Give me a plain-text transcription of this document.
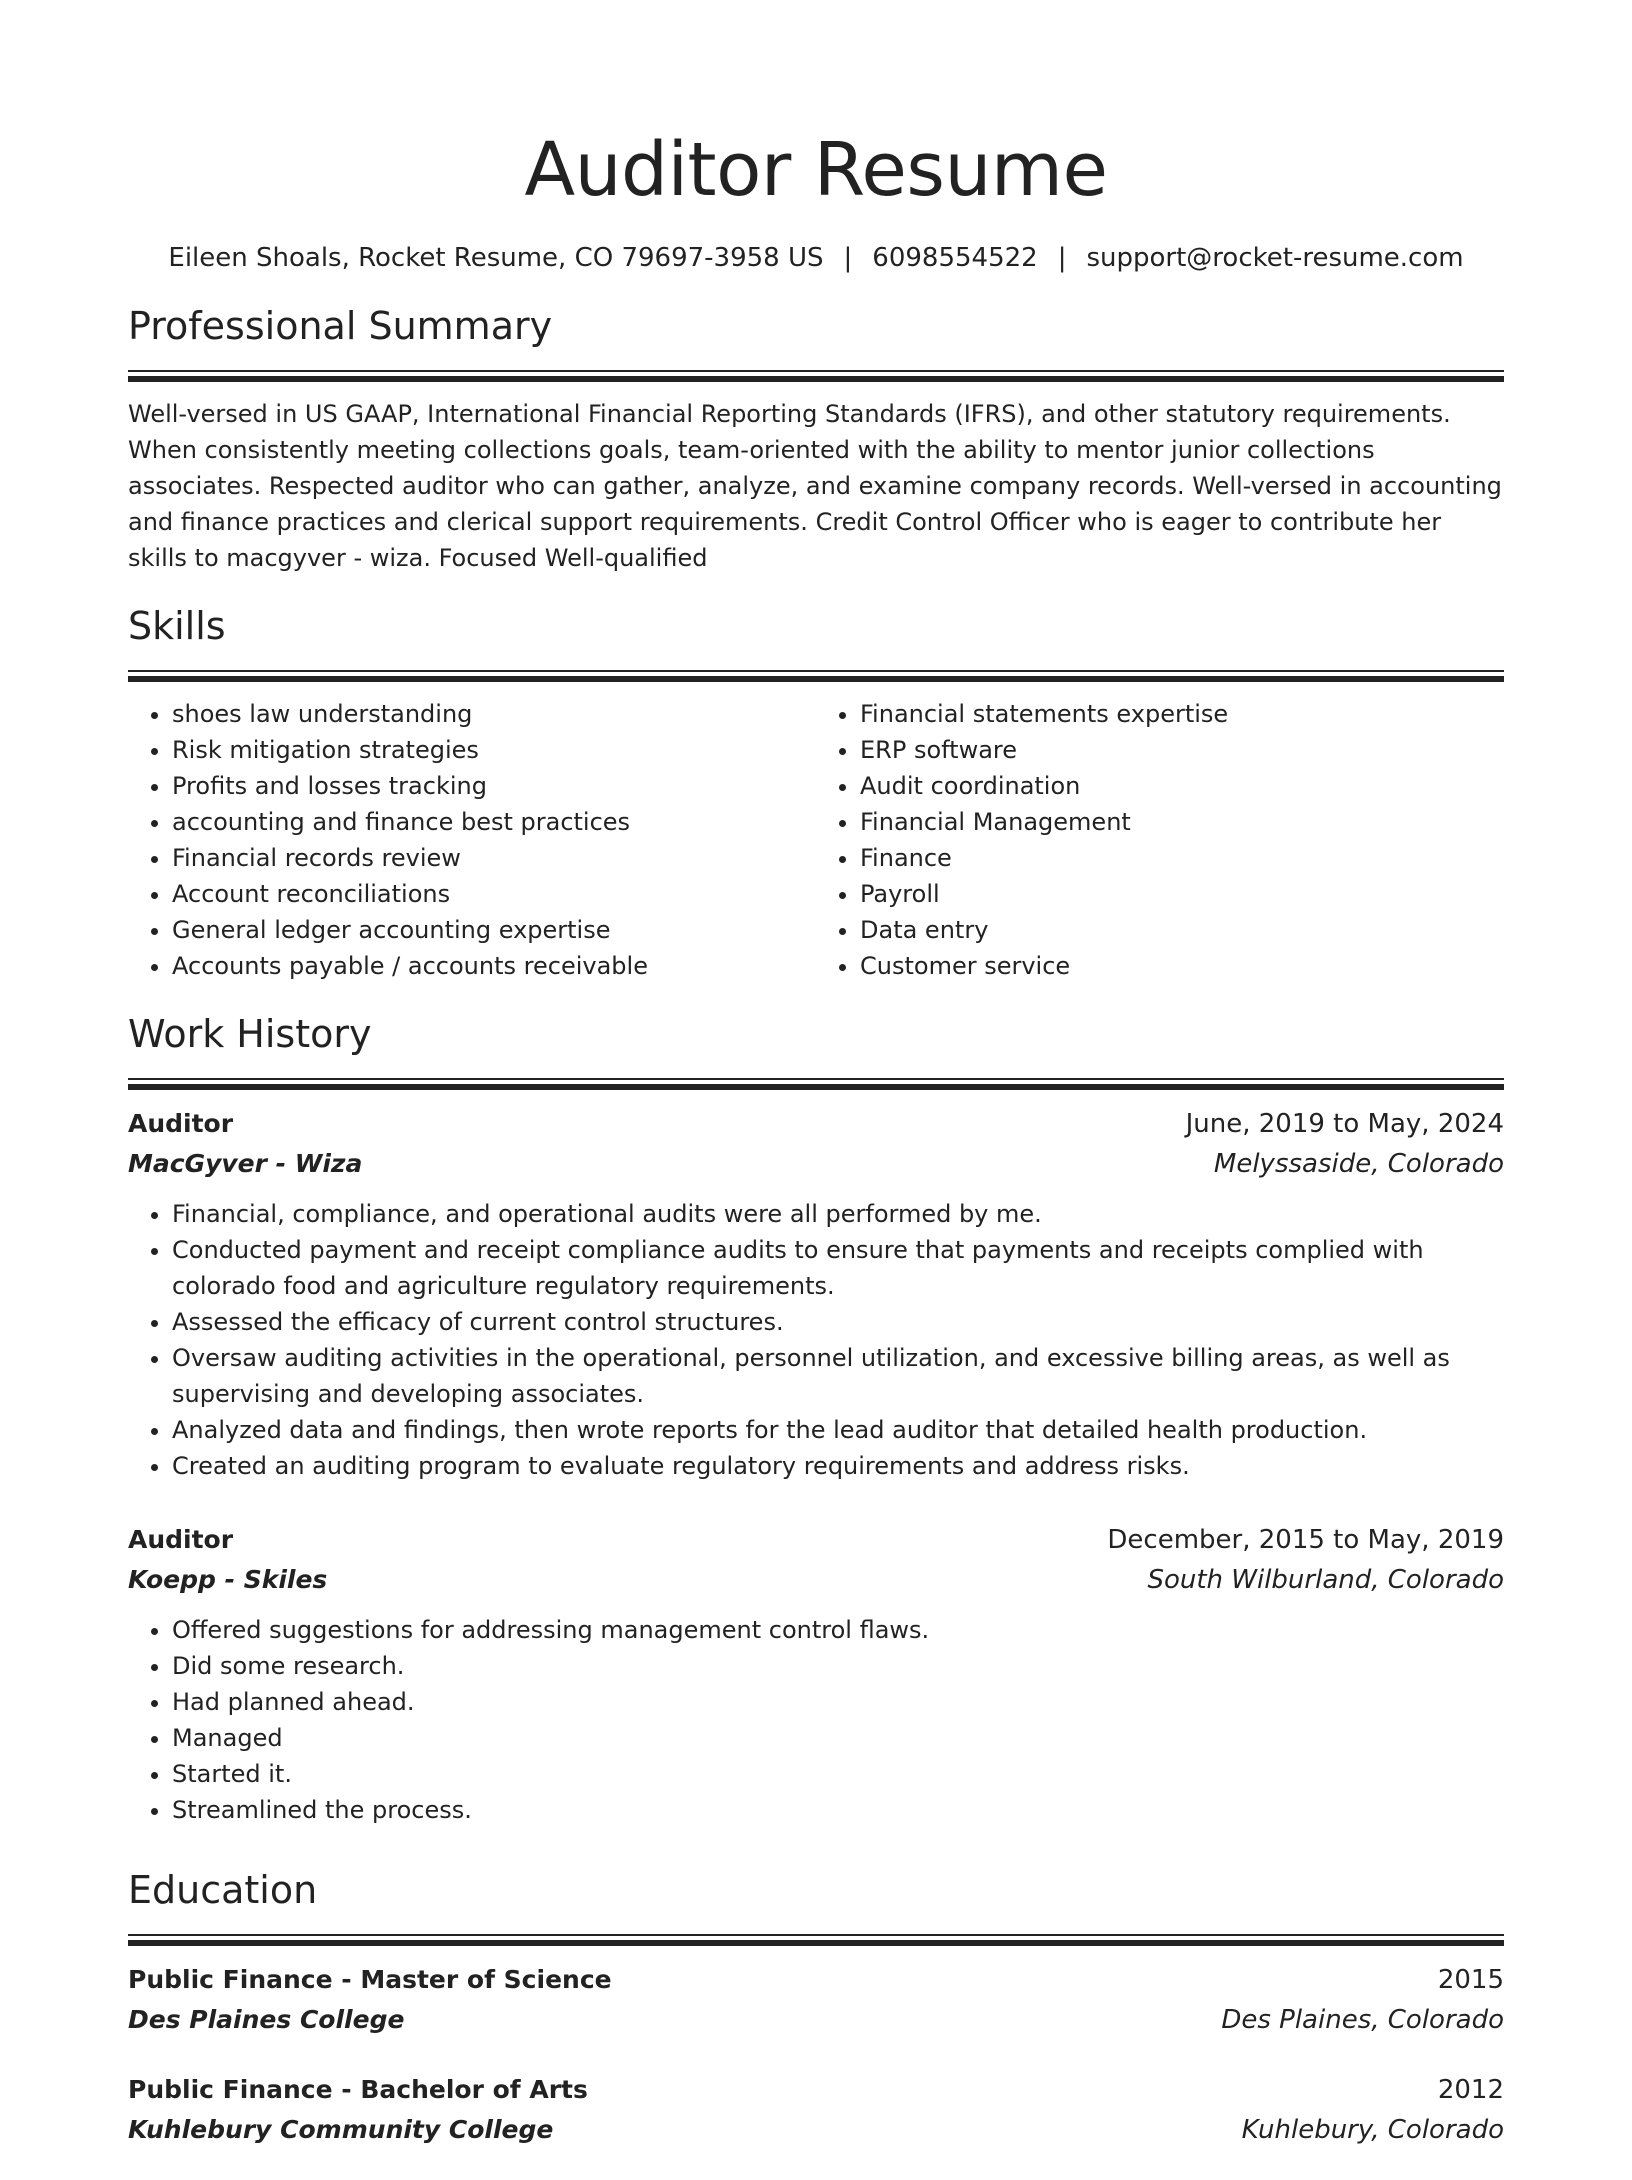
Auditor Resume
Eileen Shoals, Rocket Resume, CO 79697-3958 US | 6098554522 | support@rocket-resume.com
Professional Summary

Well-versed in US GAAP, International Financial Reporting Standards (IFRS), and other statutory requirements. When consistently meeting collections goals, team-oriented with the ability to mentor junior collections associates. Respected auditor who can gather, analyze, and examine company records. Well-versed in accounting and finance practices and clerical support requirements. Credit Control Officer who is eager to contribute her skills to macgyver - wiza. Focused Well-qualified

Skills
• shoes law understanding
• Risk mitigation strategies
• Profits and losses tracking
• accounting and finance best practices
• Financial records review
• Account reconciliations
• General ledger accounting expertise
• Accounts payable / accounts receivable
• Financial statements expertise
• ERP software
• Audit coordination
• Financial Management
• Finance
• Payroll
• Data entry
• Customer service
Work History
Auditor	June, 2019 to May, 2024
MacGyver - Wiza	Melyssaside, Colorado
• Financial, compliance, and operational audits were all performed by me.
• Conducted payment and receipt compliance audits to ensure that payments and receipts complied with colorado food and agriculture regulatory requirements.
• Assessed the efficacy of current control structures.
• Oversaw auditing activities in the operational, personnel utilization, and excessive billing areas, as well as supervising and developing associates.
• Analyzed data and findings, then wrote reports for the lead auditor that detailed health production.
• Created an auditing program to evaluate regulatory requirements and address risks.
Auditor	December, 2015 to May, 2019
Koepp - Skiles	South Wilburland, Colorado
• Offered suggestions for addressing management control flaws.
• Did some research.
• Had planned ahead.
• Managed
• Started it.
• Streamlined the process.
Education
Public Finance - Master of Science	2015
Des Plaines College	Des Plaines, Colorado
Public Finance - Bachelor of Arts	2012
Kuhlebury Community College	Kuhlebury, Colorado
